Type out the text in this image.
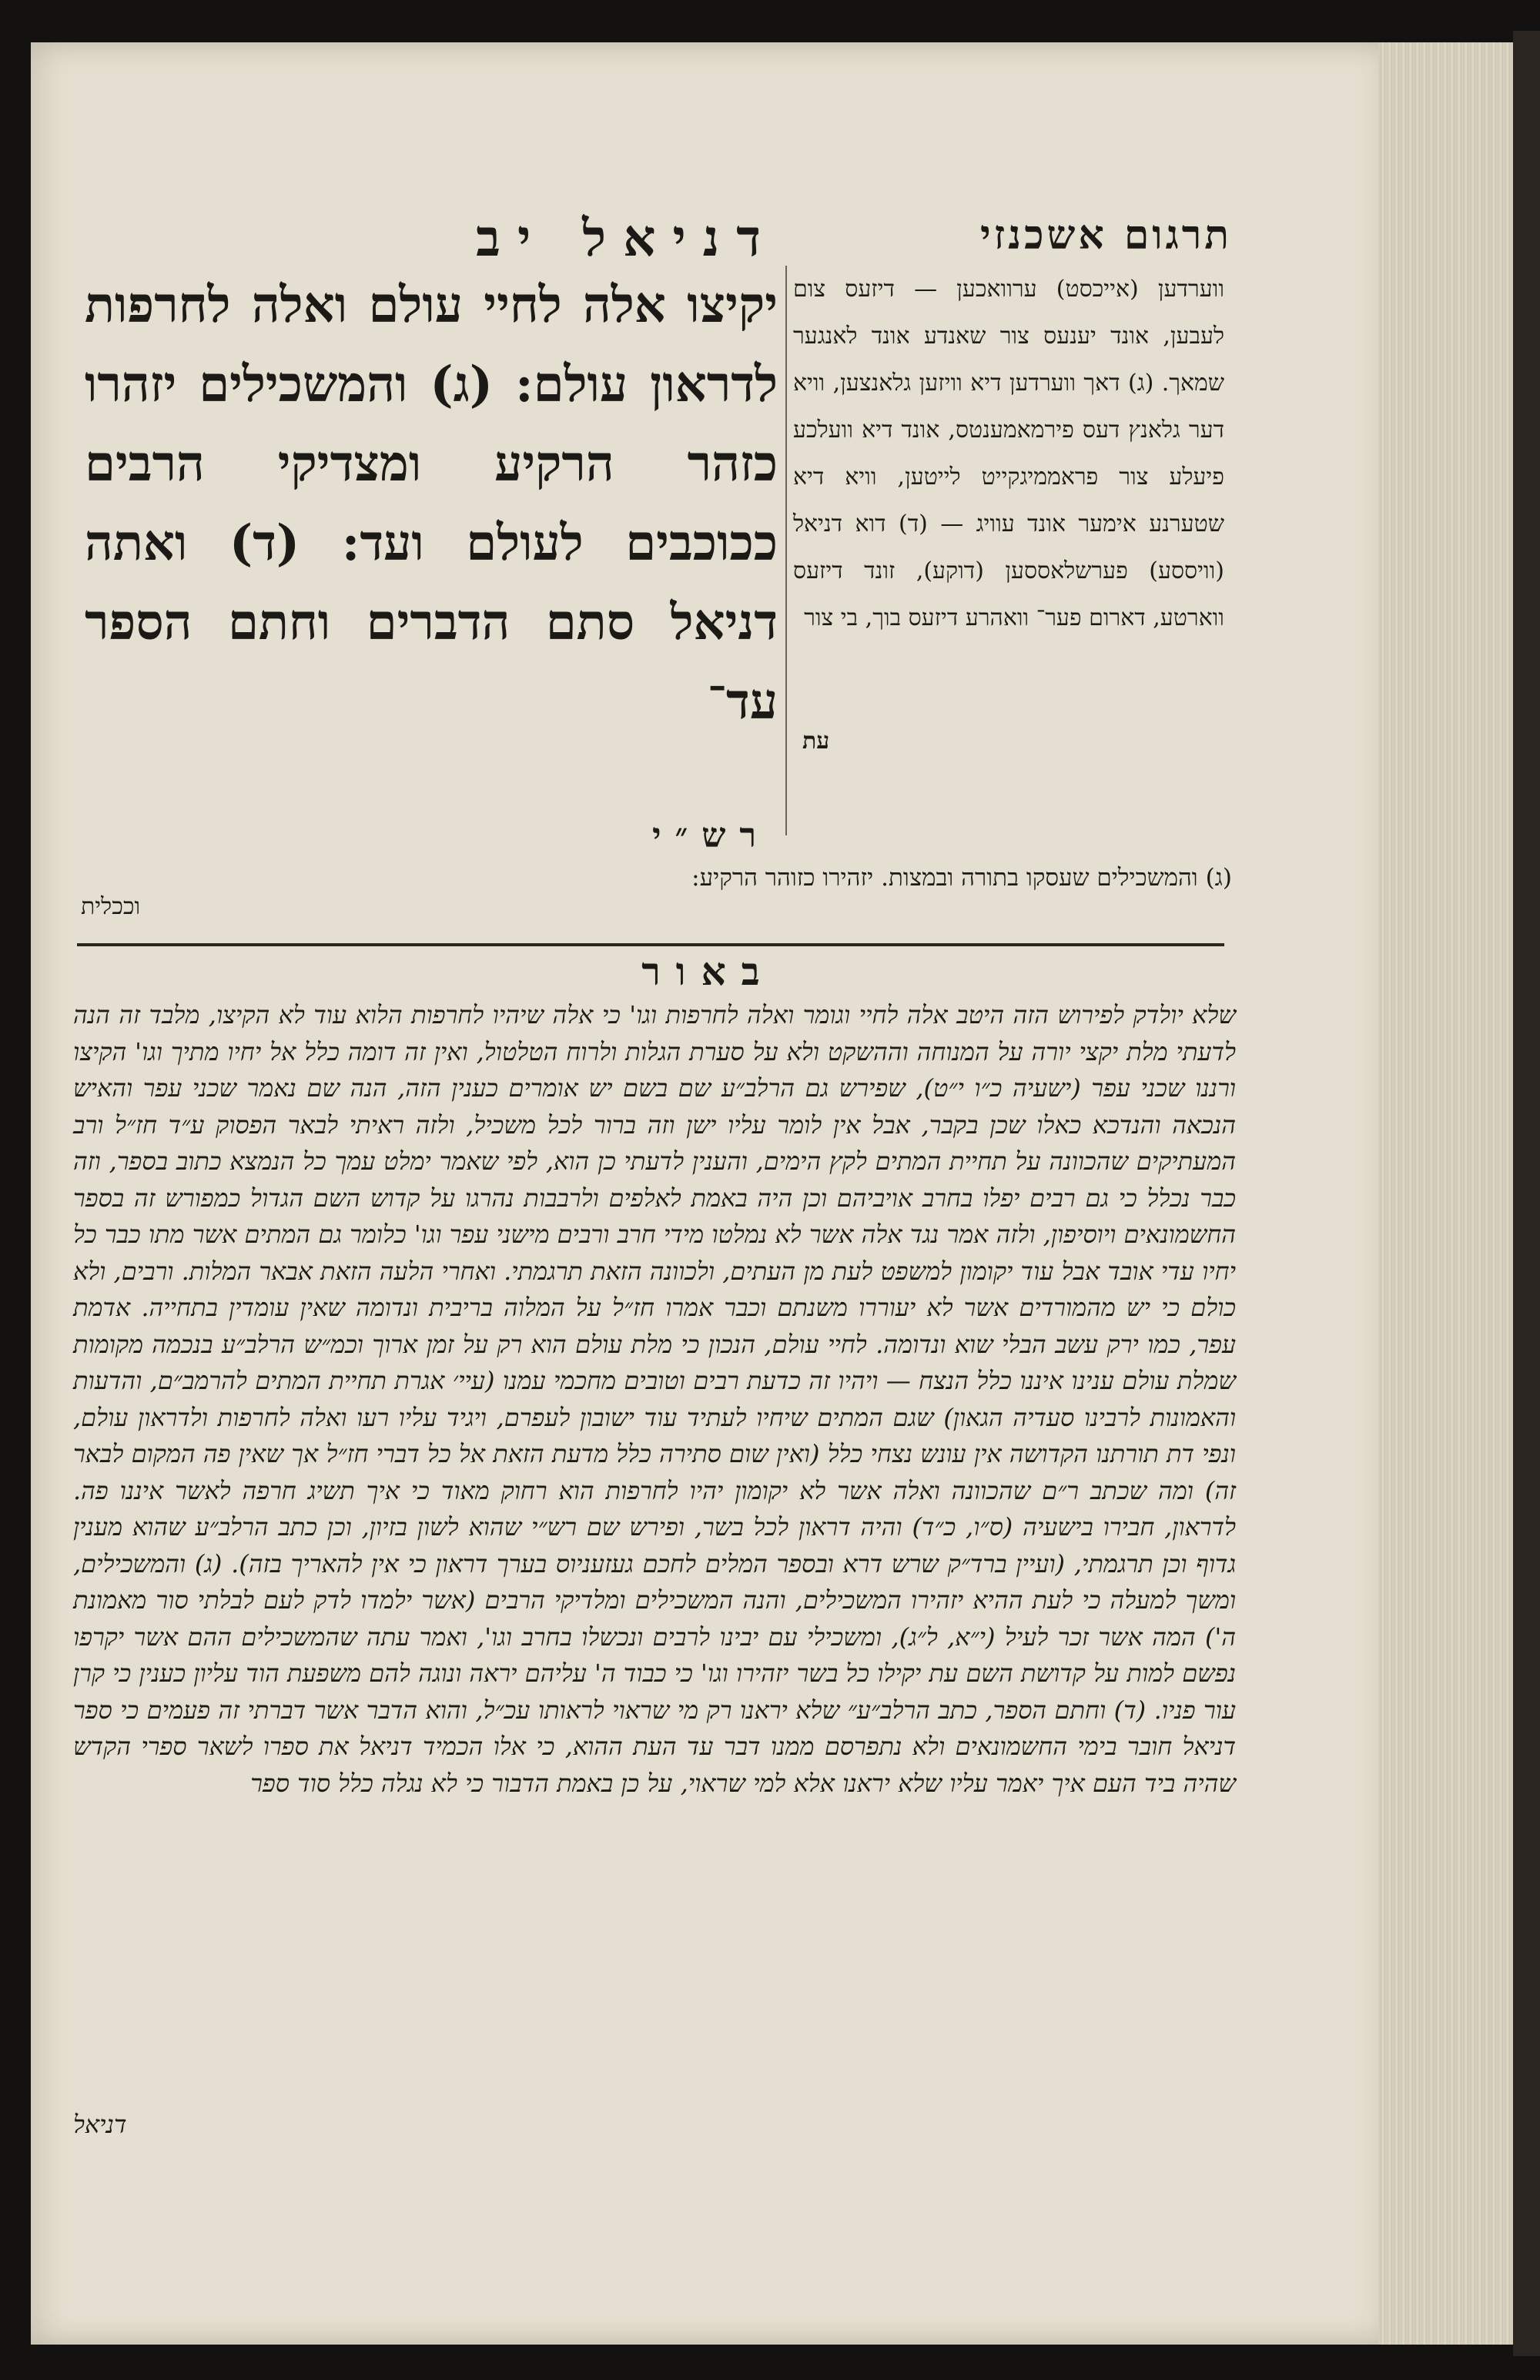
דניאל יב	תרגום אשכנזי
יקיצו אלה לחיי עולם ואלה לחרפות לדראון עולם: (ג) והמשכילים יזהרו כזהר הרקיע ומצדיקי הרבים ככוכבים לעולם ועד: (ד) ואתה דניאל סתם הדברים וחתם הספר עד־
עת
ווערדען (אייכסט) ערוואכען — דיזעס צום לעבען, אונד יענעס צור שאנדע אונד לאנגער שמאך. (ג) דאך ווערדען דיא וויזען גלאנצען, וויא דער גלאנץ דעס פירמאמענטס, אונד דיא וועלכע פיעלע צור פראממיגקייט לייטען, וויא דיא שטערנע אימער אונד עוויג — (ד) דוא דניאל (וויססע) פערשלאססען (דוקע), זונד דיזעס ווארטע, דארום פער־ וואהרע דיזעס בוך, בי צור
רש״י
(ג) והמשכילים שעסקו בתורה ובמצות. יזהירו כזוהר הרקיע:
וככלית
באור
שלא יולדק לפירוש הזה היטב אלה לחיי וגומר ואלה לחרפות וגו' כי אלה שיהיו לחרפות הלוא עוד לא הקיצו, מלבד זה הנה לדעתי מלת יקצי יורה על המנוחה וההשקט ולא על סערת הגלות ולרוח הטלטול, ואין זה דומה כלל אל יחיו מתיך וגו' הקיצו ורננו שכני עפר (ישעיה כ״ו י״ט), שפירש גם הרלב״ע שם בשם יש אומרים כענין הזה, הנה שם נאמר שכני עפר והאיש הנכאה והנדכא כאלו שכן בקבר, אבל אין לומר עליו ישן וזה ברור לכל משכיל, ולזה ראיתי לבאר הפסוק ע״ד חז״ל ורב המעתיקים שהכוונה על תחיית המתים לקץ הימים, והענין לדעתי כן הוא, לפי שאמר ימלט עמך כל הנמצא כתוב בספר, וזה כבר נכלל כי גם רבים יפלו בחרב אויביהם וכן היה באמת לאלפים ולרבבות נהרגו על קדוש השם הגדול כמפורש זה בספר החשמונאים ויוסיפון, ולזה אמר נגד אלה אשר לא נמלטו מידי חרב ורבים מישני עפר וגו' כלומר גם המתים אשר מתו כבר כל יחיו עדי אובד אבל עוד יקומון למשפט לעת מן העתים, ולכוונה הזאת תרגמתי. ואחרי הלעה הזאת אבאר המלות. ורבים, ולא כולם כי יש מהמורדים אשר לא יעוררו משנתם וכבר אמרו חז״ל על המלוה בריבית ונדומה שאין עומדין בתחייה. אדמת עפר, כמו ירק עשב הבלי שוא ונדומה. לחיי עולם, הנכון כי מלת עולם הוא רק על זמן ארוך וכמ״ש הרלב״ע בנכמה מקומות שמלת עולם ענינו איננו כלל הנצח — ויהיו זה כדעת רבים וטובים מחכמי עמנו (עיי׳ אגרת תחיית המתים להרמב״ם, והדעות והאמונות לרבינו סעדיה הגאון) שגם המתים שיחיו לעתיד עוד ישובון לעפרם, ויגיד עליו רעו ואלה לחרפות ולדראון עולם, ונפי דת תורתנו הקדושה אין עונש נצחי כלל (ואין שום סתירה כלל מדעת הזאת אל כל דברי חז״ל אך שאין פה המקום לבאר זה) ומה שכתב ר״ם שהכוונה ואלה אשר לא יקומון יהיו לחרפות הוא רחוק מאוד כי איך תשיג חרפה לאשר איננו פה. לדראון, חבירו בישעיה (ס״ו, כ״ד) והיה דראון לכל בשר, ופירש שם רש״י שהוא לשון בזיון, וכן כתב הרלב״ע שהוא מענין גדוף וכן תרגמתי, (ועיין ברד״ק שרש דרא ובספר המלים לחכם געזעניוס בערך דראון כי אין להאריך בזה). (ג) והמשכילים, ומשך למעלה כי לעת ההיא יזהירו המשכילים, והנה המשכילים ומלדיקי הרבים (אשר ילמדו לדק לעם לבלתי סור מאמונת ה') המה אשר זכר לעיל (י״א, ל״ג), ומשכילי עם יבינו לרבים ונכשלו בחרב וגו', ואמר עתה שהמשכילים ההם אשר יקרפו נפשם למות על קדושת השם עת יקילו כל בשר יזהירו וגו' כי כבוד ה' עליהם יראה ונוגה להם משפעת הוד עליון כענין כי קרן עור פניו. (ד) וחתם הספר, כתב הרלב״ע״ שלא יראנו רק מי שראוי לראותו עכ״ל, והוא הדבר אשר דברתי זה פעמים כי ספר דניאל חובר בימי החשמונאים ולא נתפרסם ממנו דבר עד העת ההוא, כי אלו הכמיד דניאל את ספרו לשאר ספרי הקדש שהיה ביד העם איך יאמר עליו שלא יראנו אלא למי שראוי, על כן באמת הדבור כי לא נגלה כלל סוד ספר
דניאל
